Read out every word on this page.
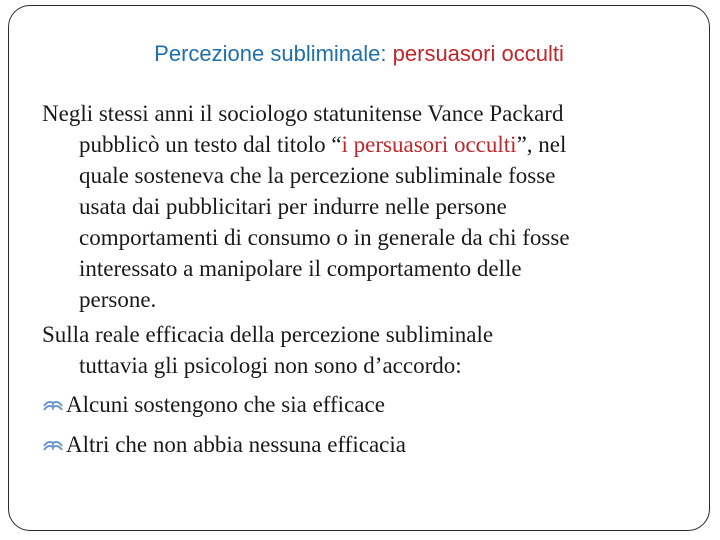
Percezione subliminale: persuasori occulti
Negli stessi anni il sociologo statunitense Vance Packard
pubblicò un testo dal titolo “i persuasori occulti”, nel
quale sosteneva che la percezione subliminale fosse
usata dai pubblicitari per indurre nelle persone
comportamenti di consumo o in generale da chi fosse
interessato a manipolare il comportamento delle
persone.
Sulla reale efficacia della percezione subliminale
tuttavia gli psicologi non sono d’accordo:
Alcuni sostengono che sia efficace
Altri che non abbia nessuna efficacia
